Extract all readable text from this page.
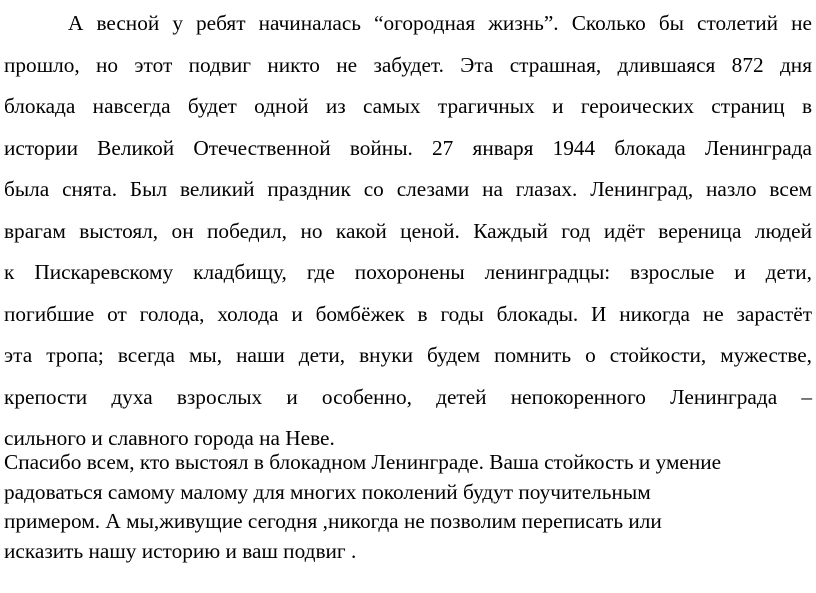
А весной у ребят начиналась “огородная жизнь”. Сколько бы столетий не
прошло, но этот подвиг никто не забудет. Эта страшная, длившаяся 872 дня
блокада навсегда будет одной из самых трагичных и героических страниц в
истории Великой Отечественной войны. 27 января 1944 блокада Ленинграда
была снята. Был великий праздник со слезами на глазах. Ленинград, назло всем
врагам выстоял, он победил, но какой ценой. Каждый год идёт вереница людей
к Пискаревскому кладбищу, где похоронены ленинградцы: взрослые и дети,
погибшие от голода, холода и бомбёжек в годы блокады. И никогда не зарастёт
эта тропа; всегда мы, наши дети, внуки будем помнить о стойкости, мужестве,
крепости духа взрослых и особенно, детей непокоренного Ленинграда –
сильного и славного города на Неве.
Спасибо всем, кто выстоял в блокадном Ленинграде. Ваша стойкость и умение
радоваться самому малому для многих поколений будут поучительным
примером. А мы,живущие сегодня ,никогда не позволим переписать или
исказить нашу историю и ваш подвиг .
